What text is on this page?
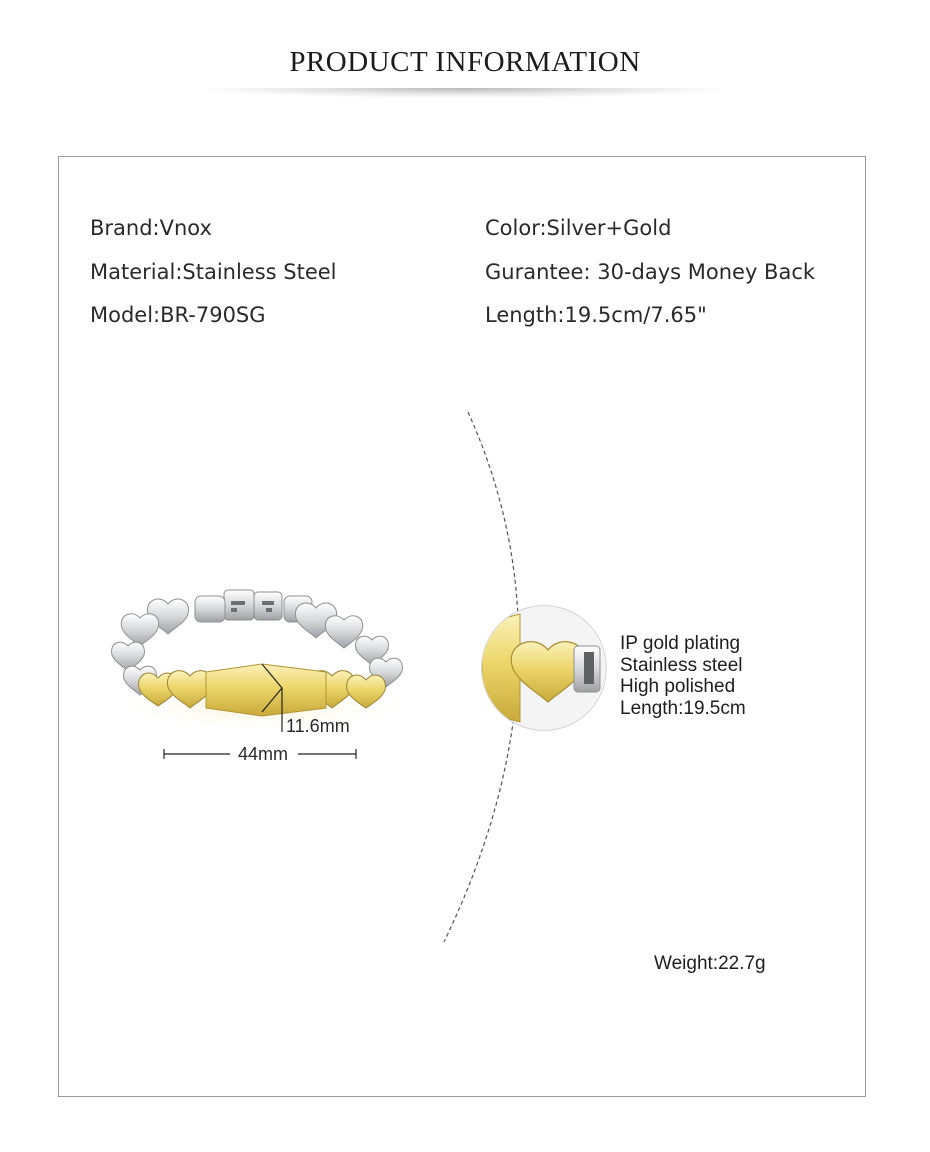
PRODUCT INFORMATION
Brand:Vnox
Material:Stainless Steel
Model:BR-790SG
Color:Silver+Gold
Gurantee: 30-days Money Back
Length:19.5cm/7.65"
11.6mm
44mm
IP gold plating
Stainless steel
High polished
Length:19.5cm
Weight:22.7g
